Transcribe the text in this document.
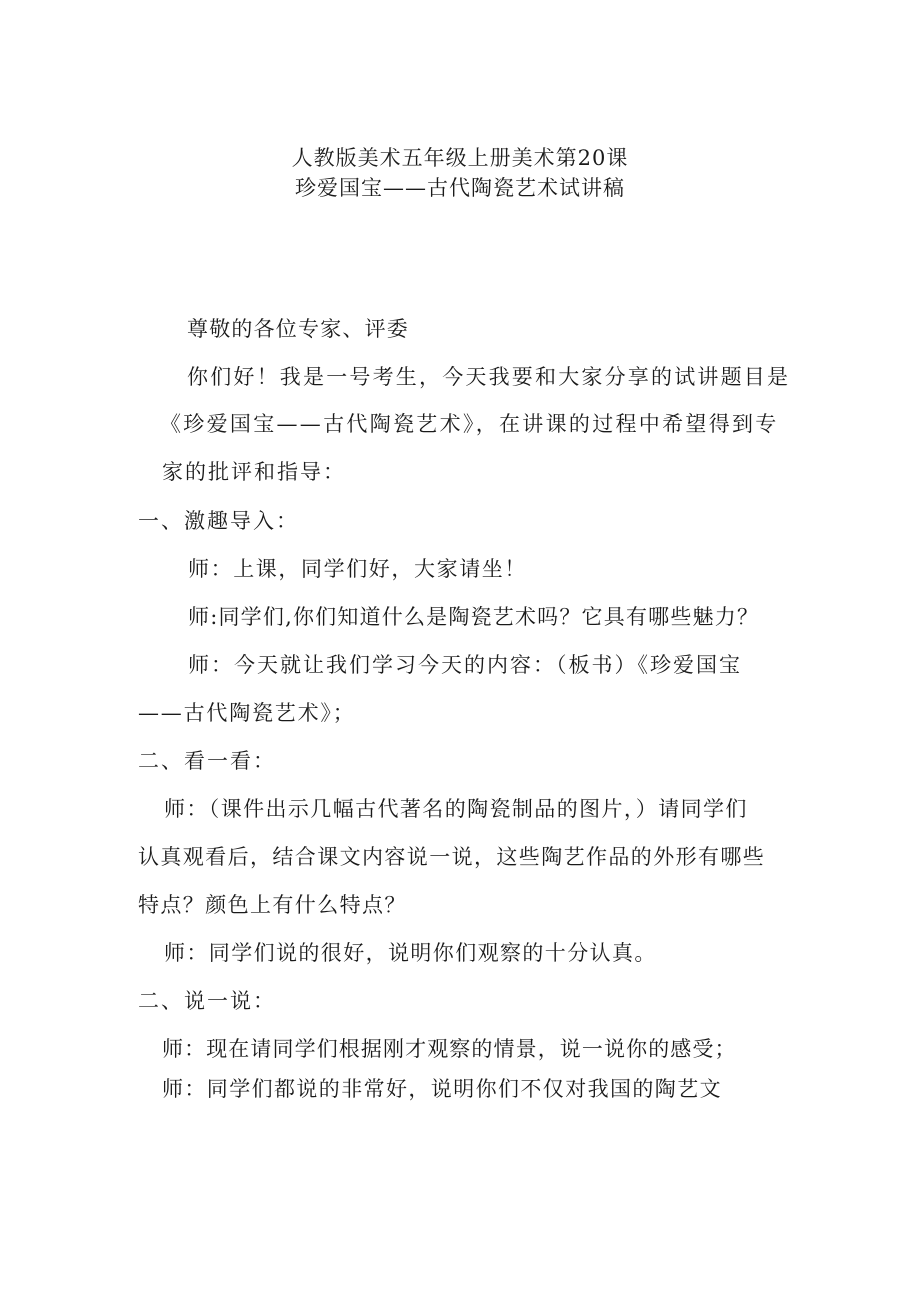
人教版美术五年级上册美术第20课
珍爱国宝——古代陶瓷艺术试讲稿
尊敬的各位专家、评委
你们好！我是一号考生，今天我要和大家分享的试讲题目是
《珍爱国宝——古代陶瓷艺术》，在讲课的过程中希望得到专
家的批评和指导：
一、激趣导入：
师：上课，同学们好，大家请坐！
师:同学们,你们知道什么是陶瓷艺术吗？它具有哪些魅力？
师：今天就让我们学习今天的内容：（板书）《珍爱国宝
——古代陶瓷艺术》；
二、看一看：
师：（课件出示几幅古代著名的陶瓷制品的图片，）请同学们
认真观看后，结合课文内容说一说，这些陶艺作品的外形有哪些
特点？颜色上有什么特点？
师：同学们说的很好，说明你们观察的十分认真。
二、说一说：
师：现在请同学们根据刚才观察的情景，说一说你的感受；
师：同学们都说的非常好，说明你们不仅对我国的陶艺文
